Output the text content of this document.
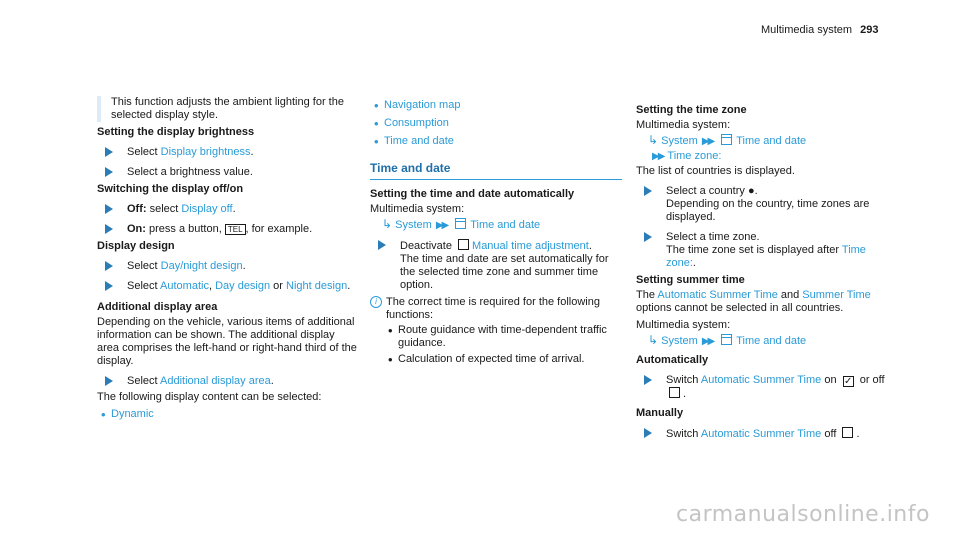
Multimedia system 293
This function adjusts the ambient lighting for the selected display style.
Setting the display brightness
Select Display brightness.
Select a brightness value.
Switching the display off/on
Off: select Display off.
On: press a button, TEL , for example.
Display design
Select Day/night design.
Select Automatic, Day design or Night design.
Additional display area
Depending on the vehicle, various items of additional information can be shown. The additional display area comprises the left-hand or right-hand third of the display.
Select Additional display area.
The following display content can be selected:
• Dynamic
• Navigation map
• Consumption
• Time and date
Time and date
Setting the time and date automatically
Multimedia system:
↳ System ▶▶ Time and date
Deactivate Manual time adjustment.
The time and date are set automatically for the selected time zone and summer time option.
i The correct time is required for the following functions:
• Route guidance with time-dependent traffic guidance.
• Calculation of expected time of arrival.
Setting the time zone
Multimedia system:
↳ System ▶▶ Time and date
▶▶ Time zone:
The list of countries is displayed.
Select a country ●.
Depending on the country, time zones are displayed.
Select a time zone.
The time zone set is displayed after Time zone:.
Setting summer time
The Automatic Summer Time and Summer Time options cannot be selected in all countries.
Multimedia system:
↳ System ▶▶ Time and date
Automatically
Switch Automatic Summer Time on ✓ or off
.
Manually
Switch Automatic Summer Time off .
carmanualsonline.info
